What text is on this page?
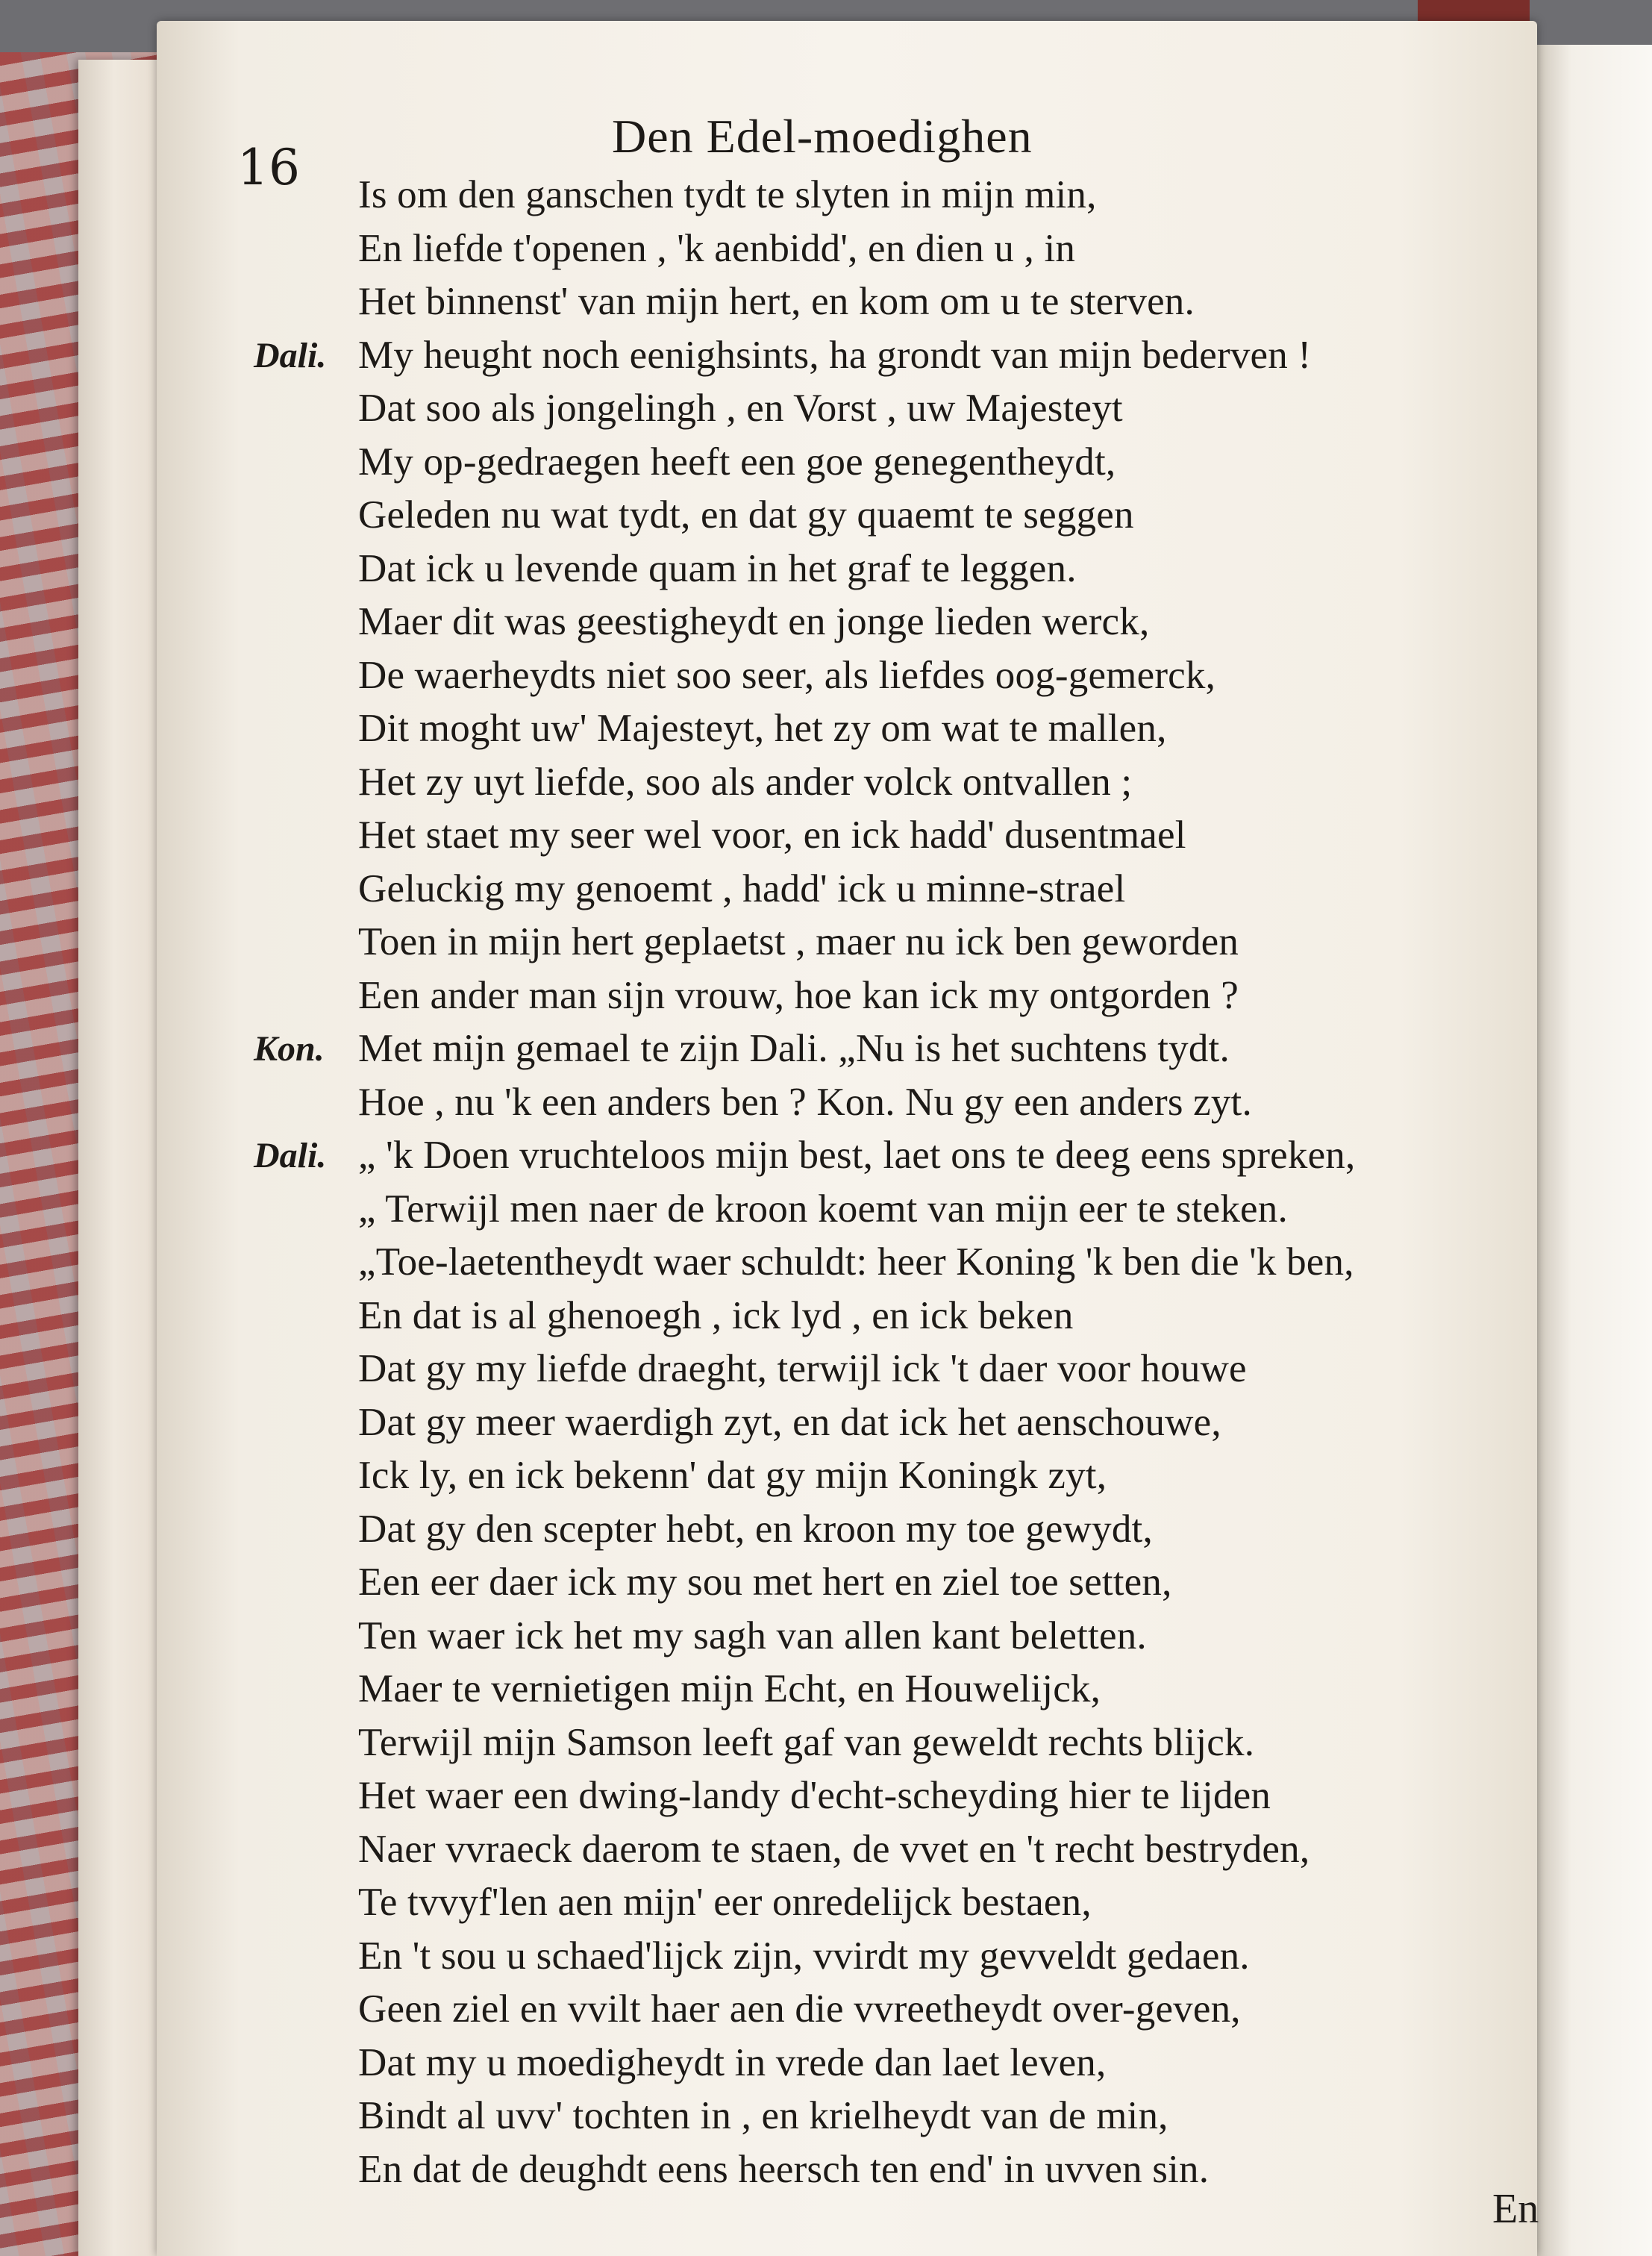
16
Den Edel-moedighen
Is om den ganschen tydt te slyten in mijn min,
En liefde t'openen , 'k aenbidd', en dien u , in
Het binnenst' van mijn hert, en kom om u te sterven.
Dali. My heught noch eenighsints, ha grondt van mijn bederven !
Dat soo als jongelingh , en Vorst , uw Majesteyt
My op-gedraegen heeft een goe genegentheydt,
Geleden nu wat tydt, en dat gy quaemt te seggen
Dat ick u levende quam in het graf te leggen.
Maer dit was geestigheydt en jonge lieden werck,
De waerheydts niet soo seer, als liefdes oog-gemerck,
Dit moght uw' Majesteyt, het zy om wat te mallen,
Het zy uyt liefde, soo als ander volck ontvallen ;
Het staet my seer wel voor, en ick hadd' dusentmael
Geluckig my genoemt , hadd' ick u minne-strael
Toen in mijn hert geplaetst , maer nu ick ben geworden
Een ander man sijn vrouw, hoe kan ick my ontgorden ?
Kon. Met mijn gemael te zijn Dali. „Nu is het suchtens tydt.
Hoe , nu 'k een anders ben ? Kon. Nu gy een anders zyt.
Dali. „ 'k Doen vruchteloos mijn best, laet ons te deeg eens spreken,
„ Terwijl men naer de kroon koemt van mijn eer te steken.
„Toe-laetentheydt waer schuldt: heer Koning 'k ben die 'k ben,
En dat is al ghenoegh , ick lyd , en ick beken
Dat gy my liefde draeght, terwijl ick 't daer voor houwe
Dat gy meer waerdigh zyt, en dat ick het aenschouwe,
Ick ly, en ick bekenn' dat gy mijn Koningk zyt,
Dat gy den scepter hebt, en kroon my toe gewydt,
Een eer daer ick my sou met hert en ziel toe setten,
Ten waer ick het my sagh van allen kant beletten.
Maer te vernietigen mijn Echt, en Houwelijck,
Terwijl mijn Samson leeft gaf van geweldt rechts blijck.
Het waer een dwing-landy d'echt-scheyding hier te lijden
Naer vvraeck daerom te staen, de vvet en 't recht bestryden,
Te tvvyf'len aen mijn' eer onredelijck bestaen,
En 't sou u schaed'lijck zijn, vvirdt my gevveldt gedaen.
Geen ziel en vvilt haer aen die vvreetheydt over-geven,
Dat my u moedigheydt in vrede dan laet leven,
Bindt al uvv' tochten in , en krielheydt van de min,
En dat de deughdt eens heersch ten end' in uvven sin.
En
